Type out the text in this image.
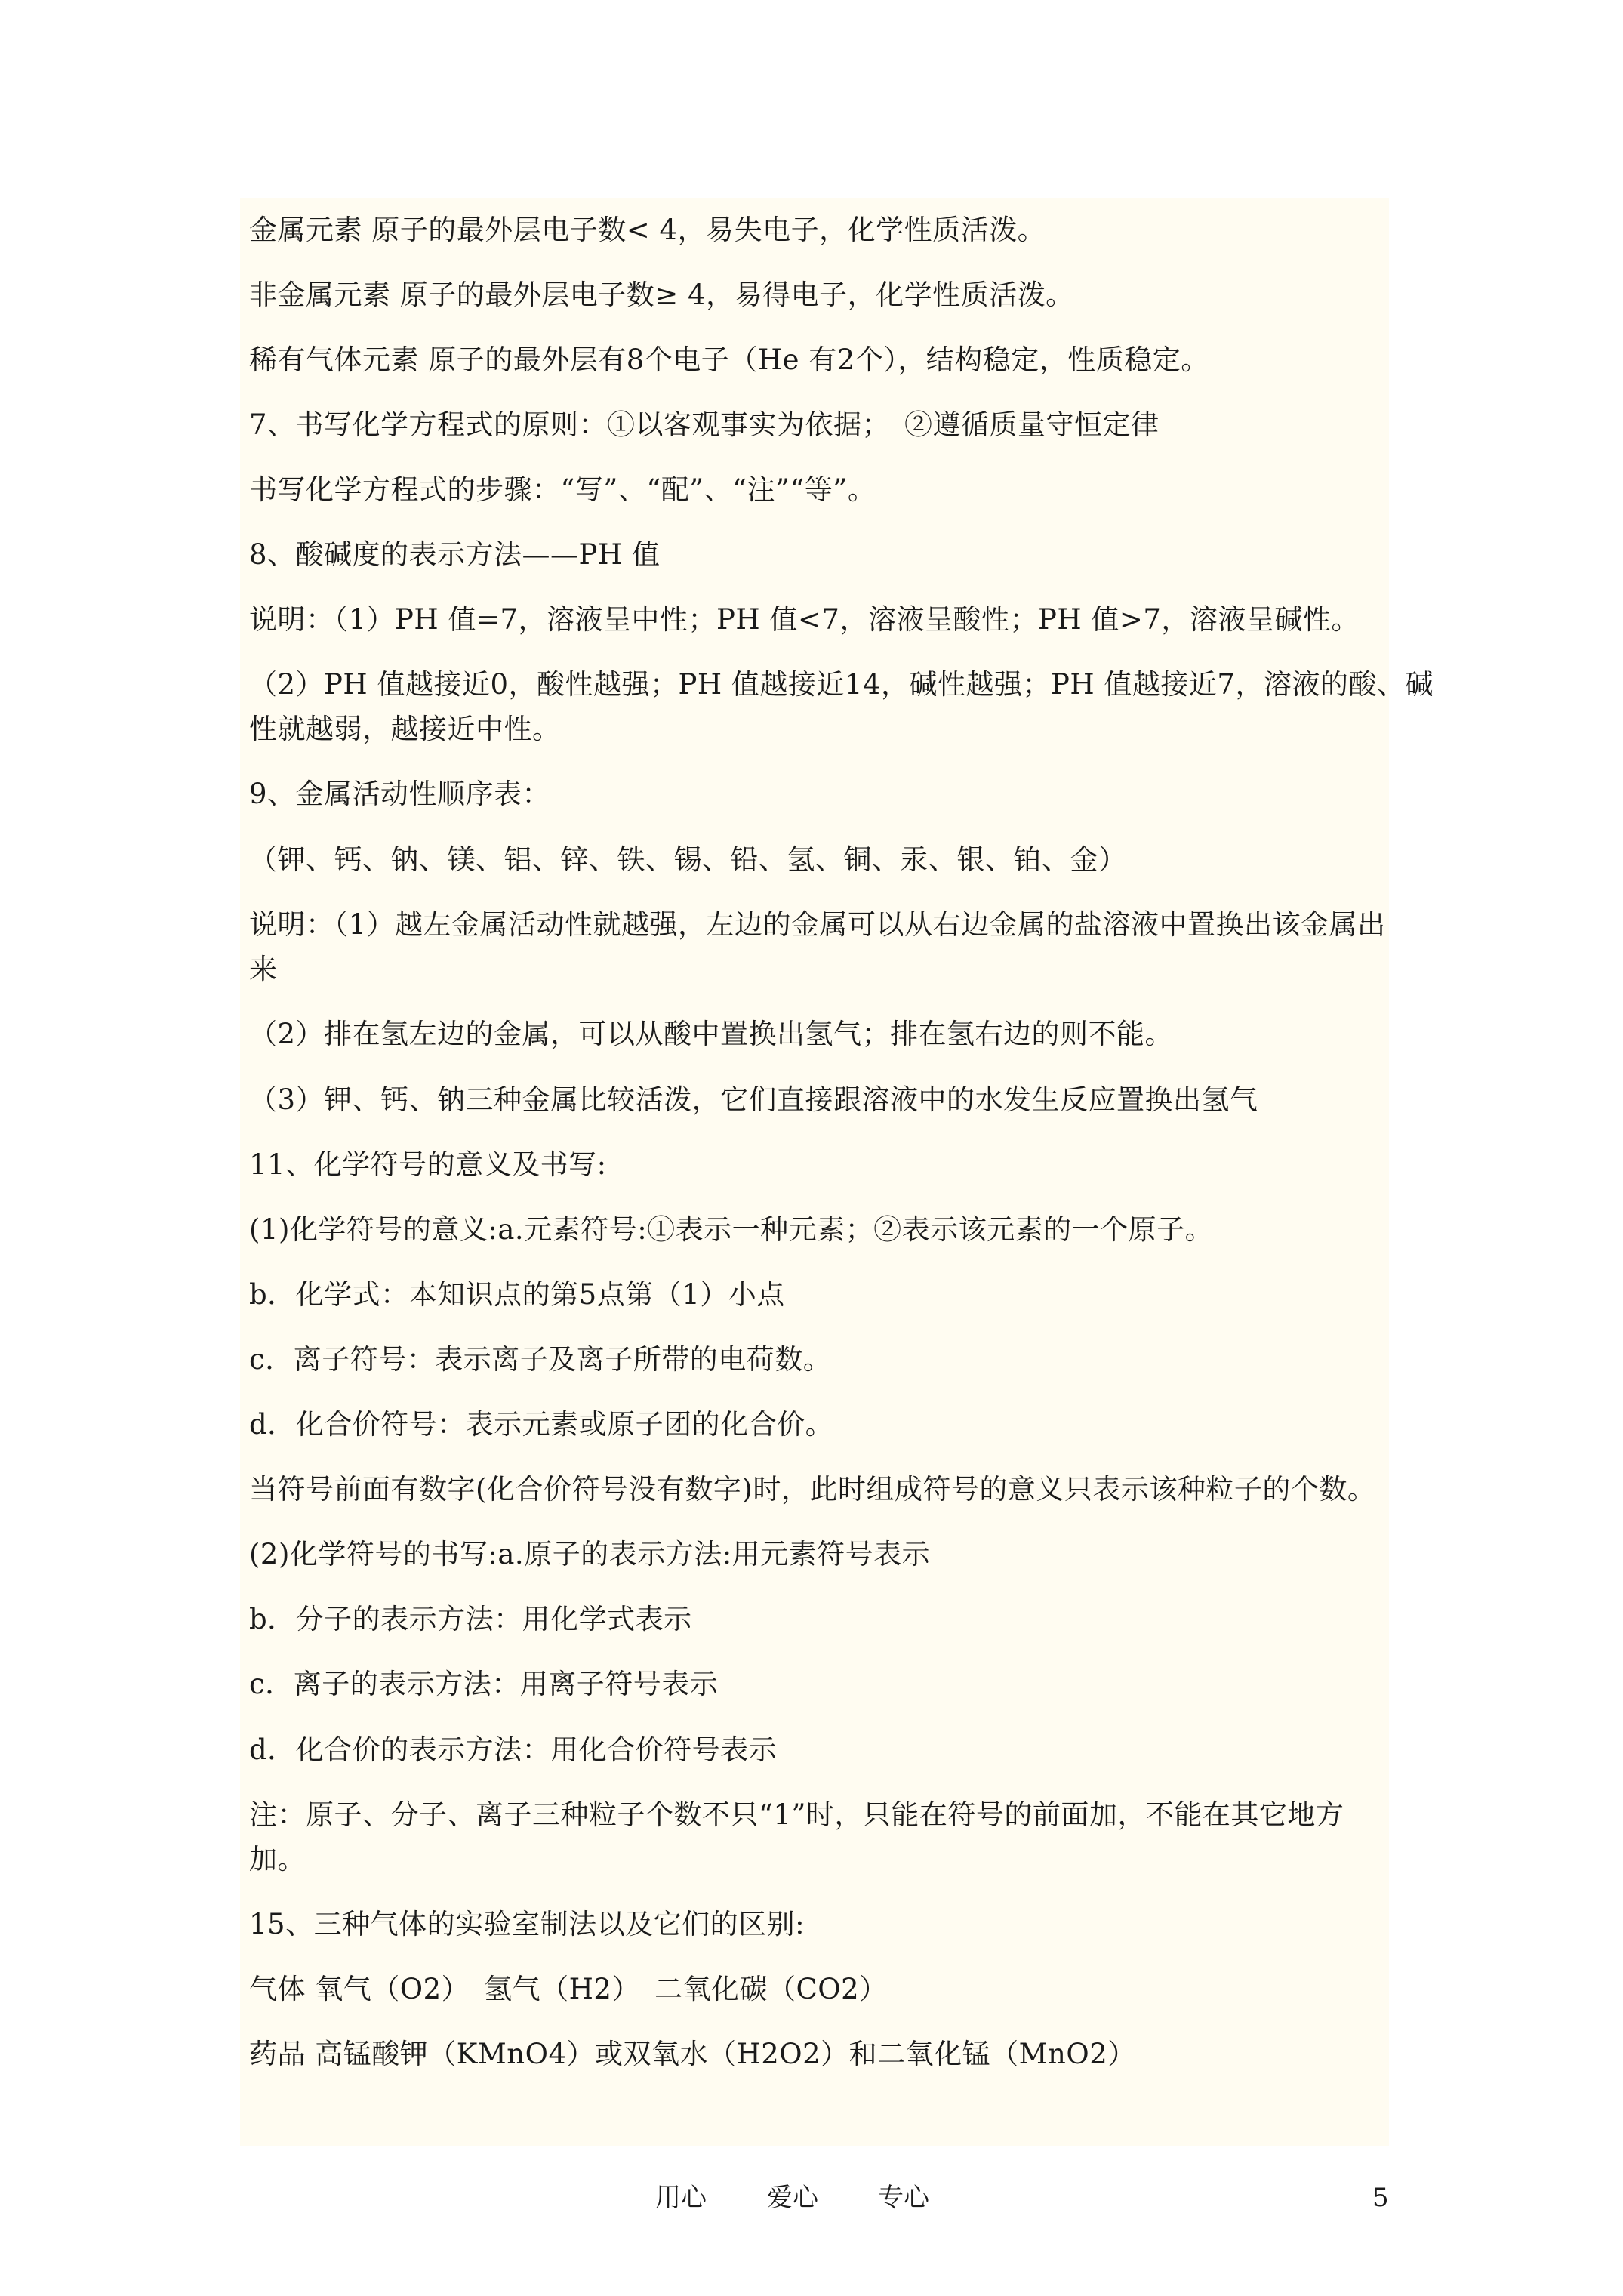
金属元素 原子的最外层电子数< 4，易失电子，化学性质活泼。
非金属元素 原子的最外层电子数≥ 4，易得电子，化学性质活泼。
稀有气体元素 原子的最外层有8个电子（He 有2个），结构稳定，性质稳定。
7、书写化学方程式的原则：①以客观事实为依据；　②遵循质量守恒定律
书写化学方程式的步骤：“写”、“配”、“注”“等”。
8、酸碱度的表示方法——PH 值
说明：（1）PH 值=7，溶液呈中性；PH 值<7，溶液呈酸性；PH 值>7，溶液呈碱性。
（2）PH 值越接近0，酸性越强；PH 值越接近14，碱性越强；PH 值越接近7，溶液的酸、碱
性就越弱，越接近中性。
9、金属活动性顺序表：
（钾、钙、钠、镁、铝、锌、铁、锡、铅、氢、铜、汞、银、铂、金）
说明：（1）越左金属活动性就越强，左边的金属可以从右边金属的盐溶液中置换出该金属出
来
（2）排在氢左边的金属，可以从酸中置换出氢气；排在氢右边的则不能。
（3）钾、钙、钠三种金属比较活泼，它们直接跟溶液中的水发生反应置换出氢气
11、化学符号的意义及书写:
(1)化学符号的意义:a.元素符号:①表示一种元素；②表示该元素的一个原子。
b．化学式：本知识点的第5点第（1）小点
c．离子符号：表示离子及离子所带的电荷数。
d．化合价符号：表示元素或原子团的化合价。
当符号前面有数字(化合价符号没有数字)时，此时组成符号的意义只表示该种粒子的个数。
(2)化学符号的书写:a.原子的表示方法:用元素符号表示
b．分子的表示方法：用化学式表示
c．离子的表示方法：用离子符号表示
d．化合价的表示方法：用化合价符号表示
注：原子、分子、离子三种粒子个数不只“1”时，只能在符号的前面加，不能在其它地方
加。
15、三种气体的实验室制法以及它们的区别:
气体 氧气（O2）　氢气（H2）　二氧化碳（CO2）
药品 高锰酸钾（KMnO4）或双氧水（H2O2）和二氧化锰（MnO2）
用心 爱心 专心	5
